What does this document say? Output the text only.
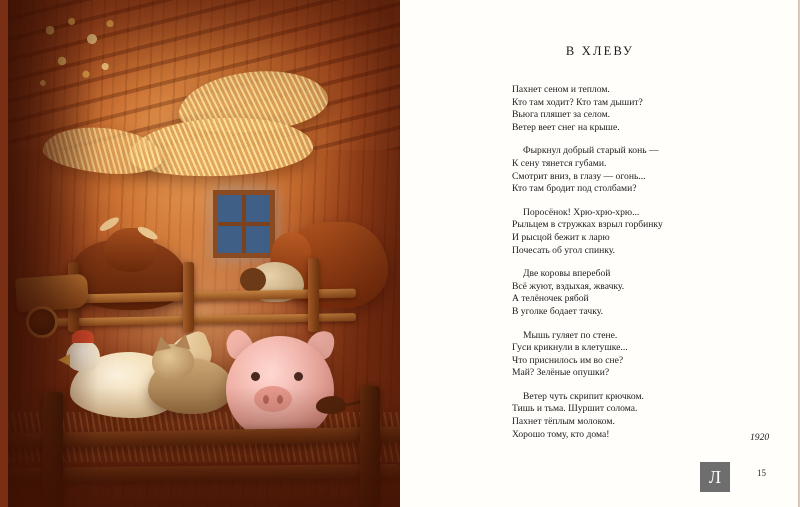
В ХЛЕВУ
Пахнет сеном и теплом.
Кто там ходит? Кто там дышит?
Вьюга пляшет за селом.
Ветер веет снег на крыше.
Фыркнул добрый старый конь —
К сену тянется губами.
Смотрит вниз, в глазу — огонь...
Кто там бродит под столбами?
Поросёнок! Хрю-хрю-хрю...
Рыльцем в стружках взрыл горбинку
И рысцой бежит к ларю
Почесать об угол спинку.
Две коровы вперебой
Всё жуют, вздыхая, жвачку.
А телёночек рябой
В уголке бодает тачку.
Мышь гуляет по стене.
Гуси крикнули в клетушке...
Что приснилось им во сне?
Май? Зелёные опушки?
Ветер чуть скрипит крючком.
Тишь и тьма. Шуршит солома.
Пахнет тёплым молоком.
Хорошо тому, кто дома!	1920
Л	15
